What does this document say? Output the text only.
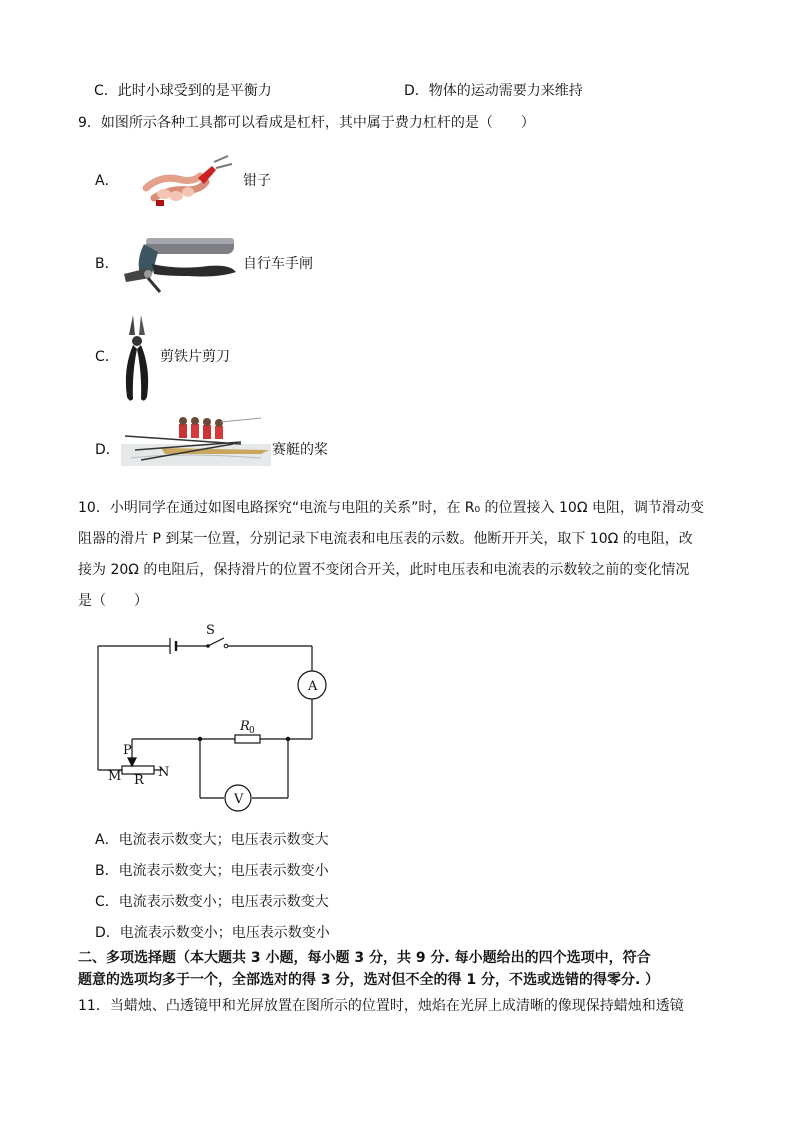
C．此时小球受到的是平衡力	D．物体的运动需要力来维持
9．如图所示各种工具都可以看成是杠杆，其中属于费力杠杆的是（　　）
A．	钳子
B．	自行车手闸
C．	剪铁片剪刀
D．	赛艇的桨
10．小明同学在通过如图电路探究“电流与电阻的关系”时，在 R₀ 的位置接入 10Ω 电阻，调节滑动变
阻器的滑片 P 到某一位置，分别记录下电流表和电压表的示数。他断开开关，取下 10Ω 的电阻，改
接为 20Ω 的电阻后，保持滑片的位置不变闭合开关，此时电压表和电流表的示数较之前的变化情况
是（　　）
S
A
V
R 0
P
R
M	N
A．电流表示数变大；电压表示数变大
B．电流表示数变大；电压表示数变小
C．电流表示数变小；电压表示数变大
D．电流表示数变小；电压表示数变小
二、多项选择题（本大题共 3 小题，每小题 3 分，共 9 分. 每小题给出的四个选项中，符合
题意的选项均多于一个，全部选对的得 3 分，选对但不全的得 1 分，不选或选错的得零分. ）
11．当蜡烛、凸透镜甲和光屏放置在图所示的位置时，烛焰在光屏上成清晰的像现保持蜡烛和透镜
